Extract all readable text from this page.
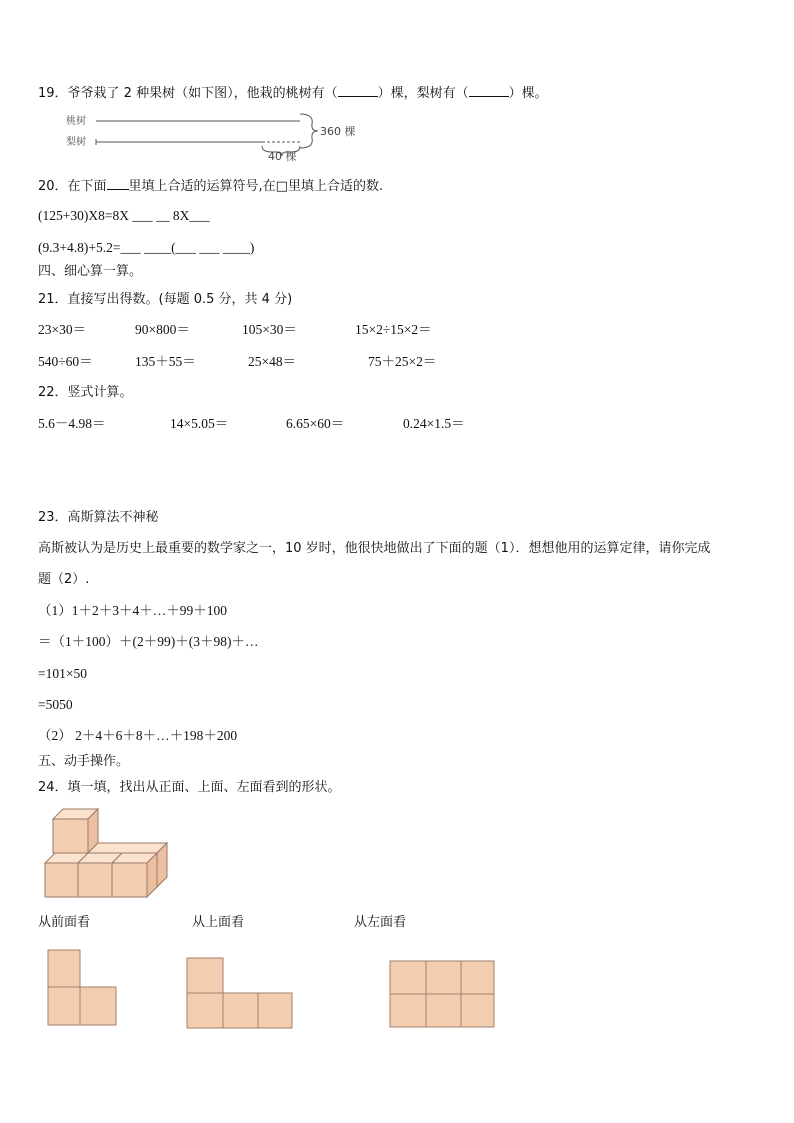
19．爷爷栽了 2 种果树（如下图），他栽的桃树有（	）棵，梨树有（	）棵。
桃树
梨树
360 棵
40 棵
20．在下面 里填上合适的运算符号,在□里填上合适的数.
(125+30)X8=8X ___ __ 8X___
(9.3+4.8)+5.2=___ ____(___ ___ ____)
四、细心算一算。
21．直接写出得数。(每题 0.5 分，共 4 分)
23×30＝	90×800＝	105×30＝	15×2÷15×2＝
540÷60＝	135＋55＝	25×48＝	75＋25×2＝
22．竖式计算。
5.6－4.98＝	14×5.05＝	6.65×60＝	0.24×1.5＝
23．高斯算法不神秘
高斯被认为是历史上最重要的数学家之一，10 岁时，他很快地做出了下面的题（1）．想想他用的运算定律，请你完成
题（2）.
（1）1＋2＋3＋4＋…＋99＋100
＝（1＋100）＋(2＋99)＋(3＋98)＋…
=101×50
=5050
（2） 2＋4＋6＋8＋…＋198＋200
五、动手操作。
24．填一填，找出从正面、上面、左面看到的形状。
从前面看	从上面看	从左面看
